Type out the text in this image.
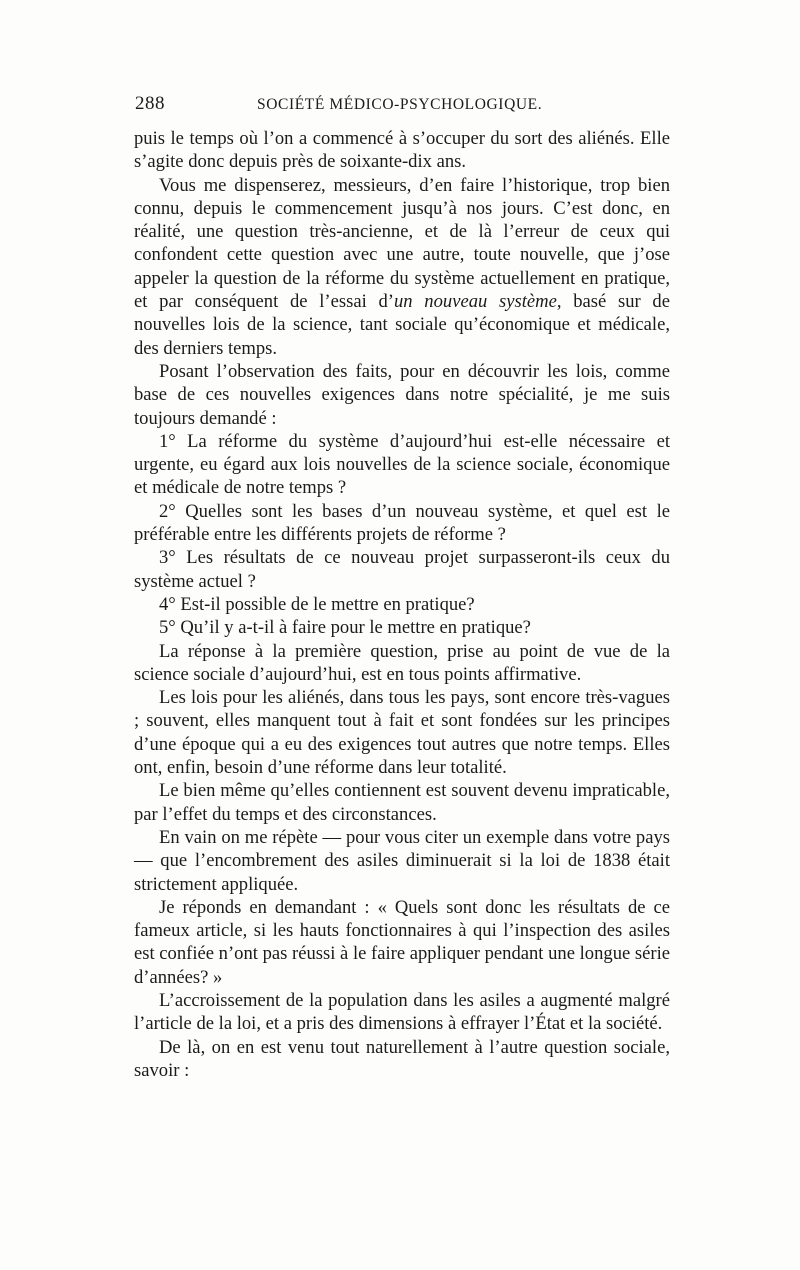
288	SOCIÉTÉ MÉDICO-PSYCHOLOGIQUE.

puis le temps où l’on a commencé à s’occuper du sort des aliénés. Elle s’agite donc depuis près de soixante-dix ans.

Vous me dispenserez, messieurs, d’en faire l’historique, trop bien connu, depuis le commencement jusqu’à nos jours. C’est donc, en réalité, une question très-ancienne, et de là l’erreur de ceux qui confondent cette question avec une autre, toute nouvelle, que j’ose appeler la question de la réforme du système actuellement en pratique, et par conséquent de l’essai d’un nouveau système, basé sur de nouvelles lois de la science, tant sociale qu’économique et médicale, des derniers temps.

Posant l’observation des faits, pour en découvrir les lois, comme base de ces nouvelles exigences dans notre spécialité, je me suis toujours demandé :

1° La réforme du système d’aujourd’hui est-elle nécessaire et urgente, eu égard aux lois nouvelles de la science sociale, économique et médicale de notre temps ?

2° Quelles sont les bases d’un nouveau système, et quel est le préférable entre les différents projets de réforme ?

3° Les résultats de ce nouveau projet surpasseront-ils ceux du système actuel ?

4° Est-il possible de le mettre en pratique?

5° Qu’il y a-t-il à faire pour le mettre en pratique?

La réponse à la première question, prise au point de vue de la science sociale d’aujourd’hui, est en tous points affirmative.

Les lois pour les aliénés, dans tous les pays, sont encore très-vagues ; souvent, elles manquent tout à fait et sont fondées sur les principes d’une époque qui a eu des exigences tout autres que notre temps. Elles ont, enfin, besoin d’une réforme dans leur totalité.

Le bien même qu’elles contiennent est souvent devenu impraticable, par l’effet du temps et des circonstances.

En vain on me répète — pour vous citer un exemple dans votre pays — que l’encombrement des asiles diminuerait si la loi de 1838 était strictement appliquée.

Je réponds en demandant : « Quels sont donc les résultats de ce fameux article, si les hauts fonctionnaires à qui l’inspection des asiles est confiée n’ont pas réussi à le faire appliquer pendant une longue série d’années? »

L’accroissement de la population dans les asiles a augmenté malgré l’article de la loi, et a pris des dimensions à effrayer l’État et la société.

De là, on en est venu tout naturellement à l’autre question sociale, savoir :
